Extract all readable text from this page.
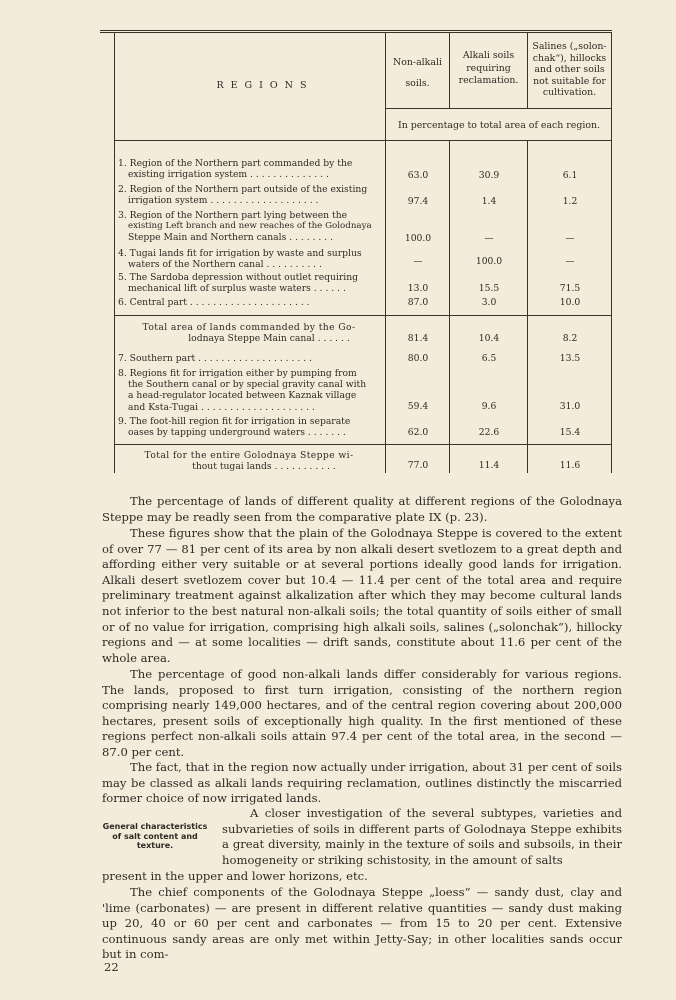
REGIONS
Non-alkali
soils.
Alkali soils
requiring
reclamation.
Salines („solon-
chak“), hillocks
and other soils
not suitable for
cultivation.
In percentage to total area of each region.
1. Region of the Northern part commanded by the
existing irrigation system . . . . . . . . . . . . . .	63.0	30.9	6.1
2. Region of the Northern part outside of the existing
irrigation system . . . . . . . . . . . . . . . . . . .	97.4	1.4	1.2
3. Region of the Northern part lying between the
existing Left branch and new reaches of the Golodnaya
Steppe Main and Northern canals . . . . . . . .	100.0	—	—
4. Tugai lands fit for irrigation by waste and surplus
waters of the Northern canal . . . . . . . . . .	—	100.0	—
5. The Sardoba depression without outlet requiring
mechanical lift of surplus waste waters . . . . . .	13.0	15.5	71.5
6. Central part . . . . . . . . . . . . . . . . . . . . .	87.0	3.0	10.0
Total area of lands commanded by the Go- lodnaya Steppe Main canal . . . . . .	81.4	10.4	8.2
7. Southern part . . . . . . . . . . . . . . . . . . . .	80.0	6.5	13.5
8. Regions fit for irrigation either by pumping from
the Southern canal or by special gravity canal with
a head-regulator located between Kaznak village
and Ksta-Tugai . . . . . . . . . . . . . . . . . . . .	59.4	9.6	31.0
9. The foot-hill region fit for irrigation in separate
oases by tapping underground waters . . . . . . .	62.0	22.6	15.4
Total for the entire Golodnaya Steppe wi- thout tugai lands . . . . . . . . . . .	77.0	11.4	11.6
The percentage of lands of different quality at different regions of the Golodnaya Steppe may be readly seen from the comparative plate IX (p. 23).
These figures show that the plain of the Golodnaya Steppe is covered to the extent of over 77 — 81 per cent of its area by non alkali desert svetlozem to a great depth and affording either very suitable or at several portions ideally good lands for irrigation. Alkali desert svetlozem cover but 10.4 — 11.4 per cent of the total area and require preliminary treatment against alkalization after which they may become cultural lands not inferior to the best natural non-alkali soils; the total quantity of soils either of small or of no value for irrigation, comprising high alkali soils, salines („solonchak“), hillocky regions and — at some localities — drift sands, constitute about 11.6 per cent of the whole area.
The percentage of good non-alkali lands differ considerably for various regions. The lands, proposed to first turn irrigation, consisting of the northern region comprising nearly 149,000 hectares, and of the central region covering about 200,000 hectares, present soils of exceptionally high quality. In the first mentioned of these regions perfect non-alkali soils attain 97.4 per cent of the total area, in the second — 87.0 per cent.
The fact, that in the region now actually under irrigation, about 31 per cent of soils may be classed as alkali lands requiring reclamation, outlines distinctly the miscarried former choice of now irrigated lands.
General characteristics of salt content and texture.
A closer investigation of the several subtypes, varieties and subvarieties of soils in different parts of Golodnaya Steppe exhibits a great diversity, mainly in the texture of soils and subsoils, in their homogeneity or striking schistosity, in the amount of salts
present in the upper and lower horizons, etc.
The chief components of the Golodnaya Steppe „loess“ — sandy dust, clay and 'lime (carbonates) — are present in different relative quantities — sandy dust making up 20, 40 or 60 per cent and carbonates — from 15 to 20 per cent. Extensive continuous sandy areas are only met within Jetty-Say; in other localities sands occur but in com-
22
